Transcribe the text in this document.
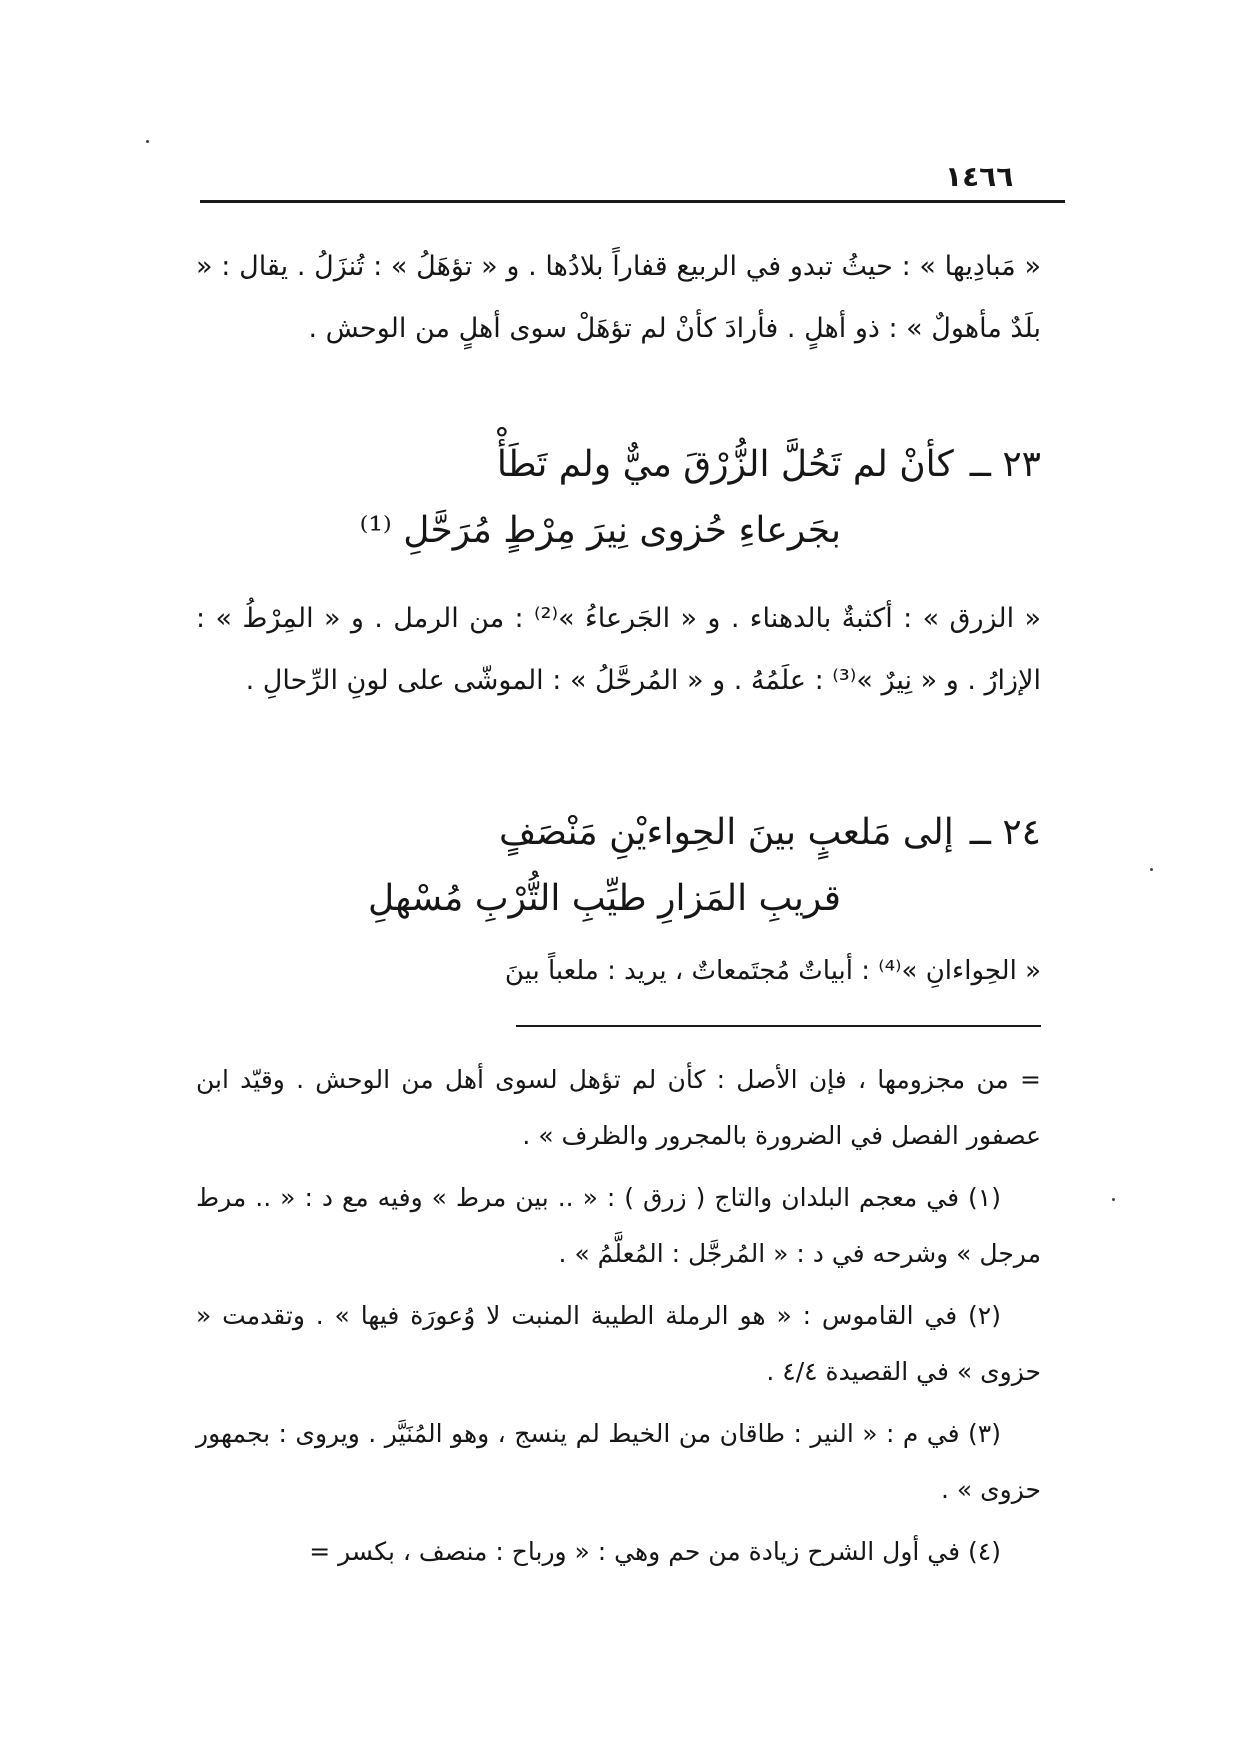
١٤٦٦

« مَبادِيها » : حيثُ تبدو في الربيع قفاراً بلادُها . و « تؤهَلُ » : تُنزَلُ . يقال : « بلَدٌ مأهولٌ » : ذو أهلٍ . فأرادَ كأنْ لم تؤهَلْ سوى أهلٍ من الوحش .

٢٣ ــكأنْ لم تَحُلَّ الزُّرْقَ ميٌّ ولم تَطَأْ
بجَرعاءِ حُزوى نِيرَ مِرْطٍ مُرَحَّلِ ⁽¹⁾

« الزرق » : أكثبةٌ بالدهناء . و « الجَرعاءُ »⁽²⁾ : من الرمل . و « المِرْطُ » : الإزارُ . و « نِيرٌ »⁽³⁾ : علَمُهُ . و « المُرحَّلُ » : الموشّى على لونِ الرِّحالِ .

٢٤ ــإلى مَلعبٍ بينَ الحِواءيْنِ مَنْصَفٍ
قريبِ المَزارِ طيِّبِ التُّرْبِ مُسْهلِ

« الحِواءانِ »⁽⁴⁾ : أبياتٌ مُجتَمعاتٌ ، يريد : ملعباً بينَ

= من مجزومها ، فإن الأصل : كأن لم تؤهل لسوى أهل من الوحش . وقيّد ابن عصفور الفصل في الضرورة بالمجرور والظرف » .

(١) في معجم البلدان والتاج ( زرق ) : « .. بين مرط » وفيه مع د : « .. مرط مرجل » وشرحه في د : « المُرجَّل : المُعلَّمُ » .

(٢) في القاموس : « هو الرملة الطيبة المنبت لا وُعورَة فيها » . وتقدمت « حزوى » في القصيدة ٤/٤ .

(٣) في م : « النير : طاقان من الخيط لم ينسج ، وهو المُنَيَّر . ويروى : بجمهور حزوى » .

(٤) في أول الشرح زيادة من حم وهي : « ورباح : منصف ، بكسر =
